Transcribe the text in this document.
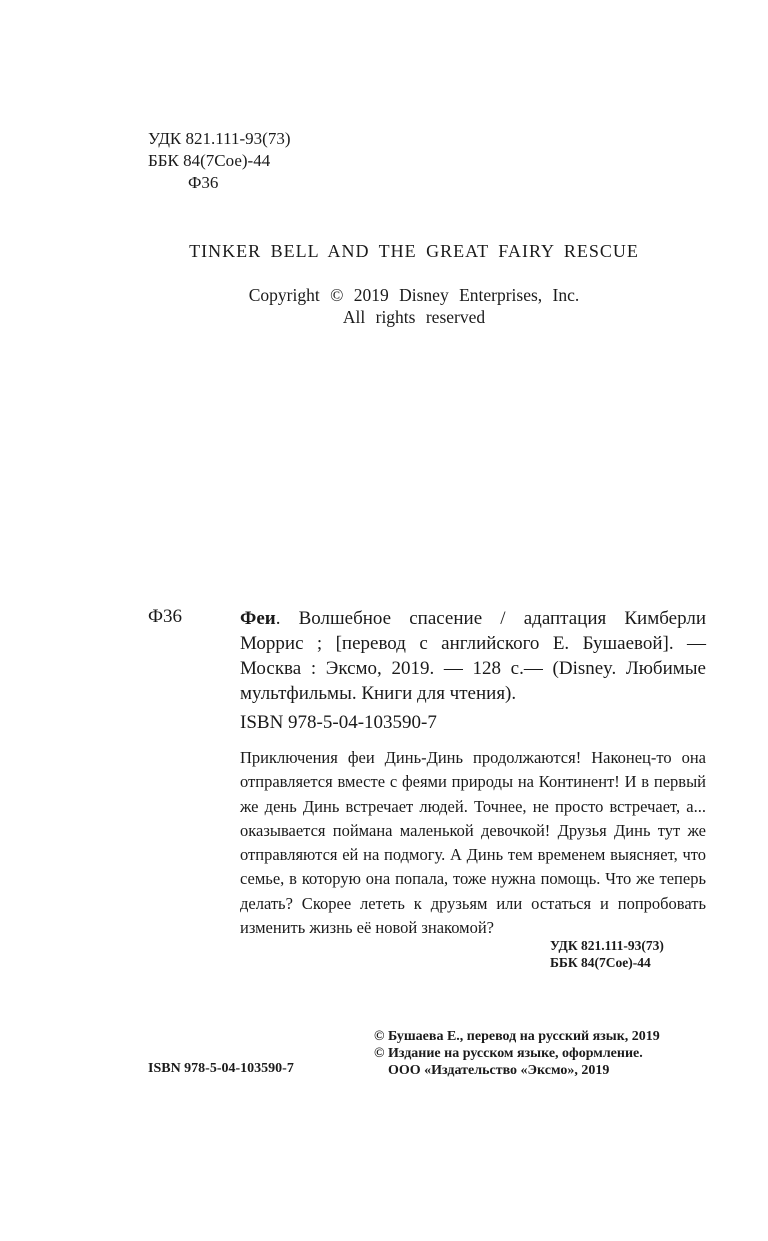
УДК 821.111-93(73)
ББК 84(7Сое)-44
Ф36
TINKER BELL AND THE GREAT FAIRY RESCUE
Copyright © 2019 Disney Enterprises, Inc.
All rights reserved
Ф36	Феи. Волшебное спасение / адаптация Кимберли Моррис ; [перевод с английского Е. Бушаевой]. — Москва : Эксмо, 2019. — 128 с.— (Disney. Любимые мультфильмы. Книги для чтения).
ISBN 978-5-04-103590-7
Приключения феи Динь-Динь продолжаются! Наконец-то она отправляется вместе с феями природы на Континент! И в первый же день Динь встречает людей. Точнее, не просто встречает, а... оказывается поймана маленькой девочкой! Друзья Динь тут же отправляются ей на подмогу. А Динь тем временем выясняет, что семье, в которую она попала, тоже нужна помощь. Что же теперь делать? Скорее лететь к друзьям или остаться и попробовать изменить жизнь её новой знакомой?
УДК 821.111-93(73)
ББК 84(7Сое)-44
ISBN 978-5-04-103590-7
© Бушаева Е., перевод на русский язык, 2019
© Издание на русском языке, оформление.
ООО «Издательство «Эксмо», 2019
